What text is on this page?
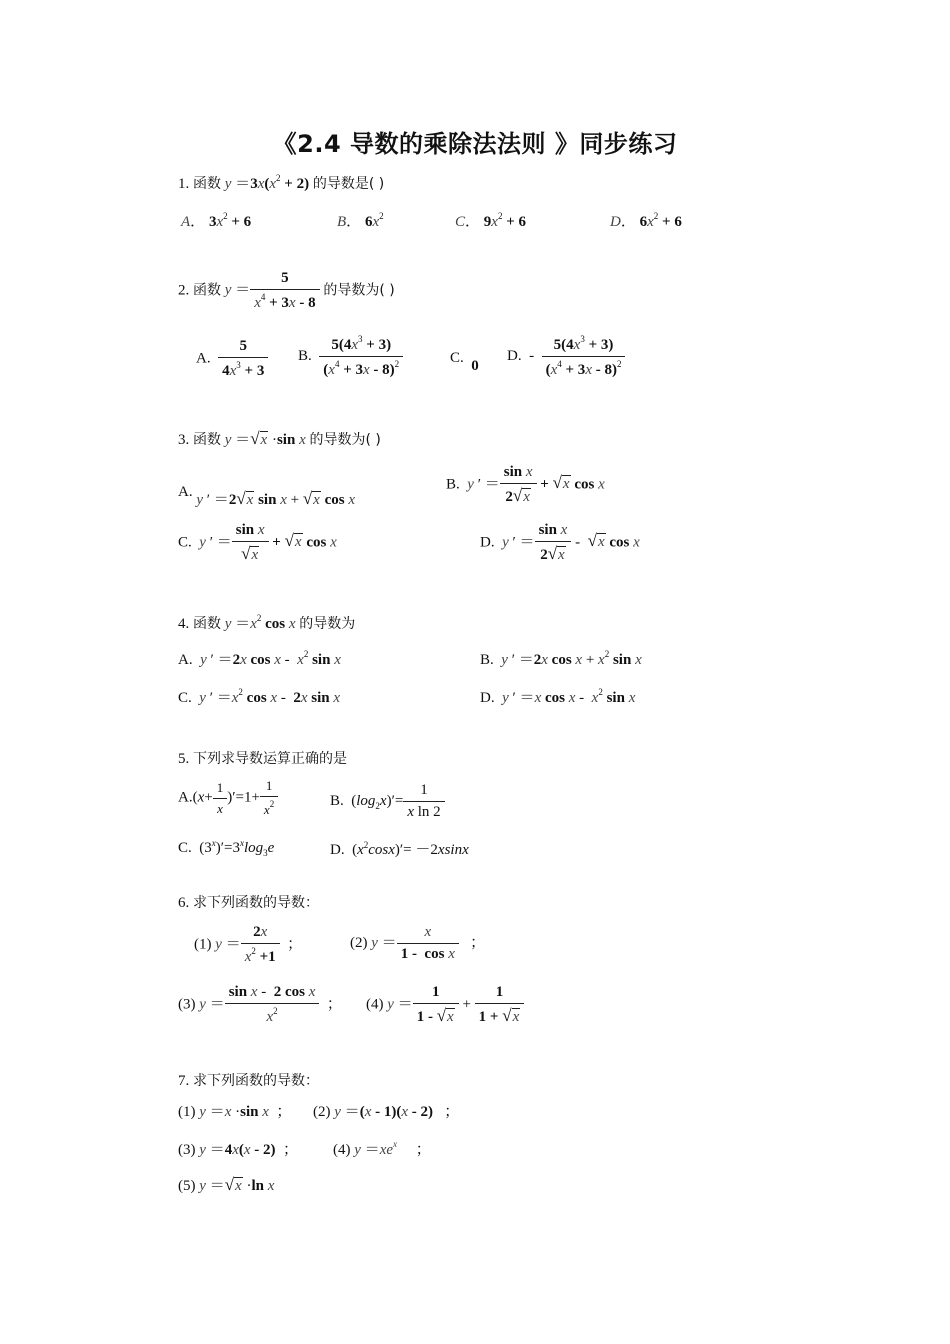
《2.4 导数的乘除法法则 》同步练习
1. 函数 $y =3x(x^2 + 2)$ 的导数是( )
A． $3x^2 + 6$	B． $6x^2$	C． $9x^2 + 6$	D． $6x^2 + 6$
2. 函数 $y = \frac{5}{x^4 + 3x - 8}$ 的导数为( )
A. $\frac{5}{4x^3 + 3} B$. $\frac{5(4x^3 + 3)}{(x^4 + 3x - 8)^2}$	C.  0
D.  - $\frac{5(4x^3 + 3)}{(x^4 + 3x - 8)^2}$
3. 函数 y ＝√x ·sin x 的导数为( )
A. y ′ ＝2√x sin x + √x cos x
B.  y ′ ＝ $\frac{\text{sin x}}{2√x} + √x$ cos x
C.  y ′ ＝ $\frac{\text{sin x}}{√x} + √x$ cos x	D.  y ′ ＝ $\frac{\text{sin x}}{2√x} - √x$ cos x
4. 函数 $y =x^2$ cos x 的导数为
A.  y ′ ＝2x cos x -  $x^2$ sin x	B.  y ′ ＝2x $\cos x + x^2$ sin x
C.  y ′ $=x^2$ cos x -  2x sin x	D.  y ′ ＝x cos x -  $x^2$ sin x
5. 下列求导数运算正确的是
$A.(x+ \frac{1}{x} )'=1+ \frac{1}{x^2}$	B.  $(\log_2x)'= \frac{1}{\text{x ln 2}}$
C.  $(3^x)'=3^x\log_3e$	D.  $(x^2\cos x)'= -2xsinx$
6. 求下列函数的导数：
(1) $y = \frac{2x}{x^2 +1}$ ；	(2) $y = \frac{x}{\text{1 -  cos x}}$ ；
(3) $y = \frac{\text{sin x -  2 cos x}}{x^2}$ ； (4) $y = \frac{1}{1 - √x} + \frac{1}{1 + √x}$
7. 求下列函数的导数：
(1) y ＝x ·sin x  ； (2) y ＝(x - 1)(x - 2)   ；
(3) y ＝4x(x - 2)  ； (4) $y =xe^x$     ；
(5) y ＝√x ·ln x
